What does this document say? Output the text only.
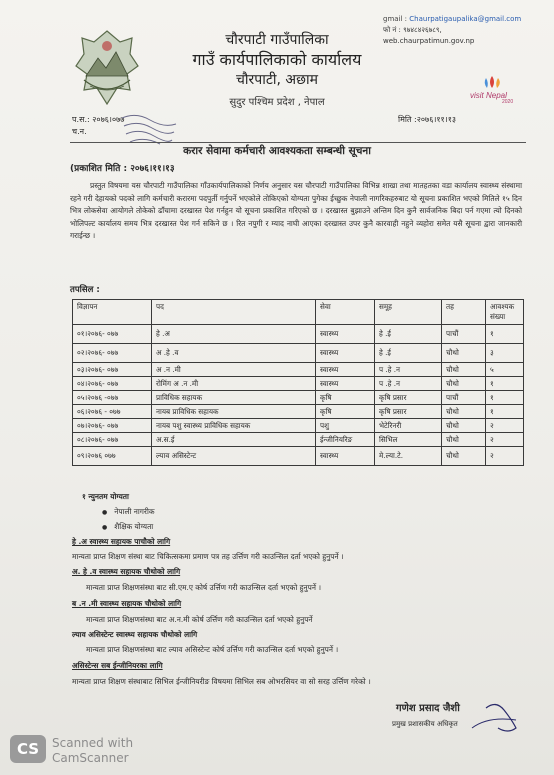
gmail : Chaurpatigaupalika@gmail.com
फो नं : ९७४८४२६७८९,
web.chaurpatimun.gov.np
चौरपाटी गाउँपालिका
गाउँ कार्यपालिकाको कार्यालय
चौरपाटी, अछाम
सुदुर पश्चिम प्रदेश , नेपाल
visit Nepal
2020
प.स.: २०७६।०७७
च.न.
मिति :२०७६।११।१३
करार सेवामा कर्मचारी आवश्यकता सम्बन्धी सूचना
(प्रकाशित मिति : २०७६।११।१३
प्रस्तुत विषयमा यस चौरपाटी गाउँपालिका गाँउकार्यपालिकाको निर्णय अनुसार यस चौरपाटी गाउँपालिका विभिन्न शाखा तथा मातहतका वडा कार्यालय स्वास्थ्य संस्थामा रहने गरी देहायको पदको लागि कर्मचारी करारमा पदपुर्ती गर्नुपर्ने भएकोले तोकिएको योग्यता पुगेका ईच्छुक नेपाली नागरिकहरुबाट यो सूचना प्रकाशित भएको मितिले १५ दिन भित्र लोकसेवा आयोगले तोकेको ढाँचामा दरखास्त पेश गर्नहुन यो सूचना प्रकाशित गरिएको छ । दरखास्त बुझाउने अन्तिम दिन कुनै सार्वजनिक बिदा पर्न गएमा त्यो दिनको भोलिपल्ट कार्यालय समय भित्र दरखास्त पेश गर्न सकिने छ । रित नपुगी र म्याद नाघी आएका दरखास्त उपर कुनै कारवाही नहुने व्यहोरा समेत यसै सूचना द्वारा जानकारी गराईन्छ ।
तपसिल :
विज्ञापन	पद	सेवा	समूह	तह	आवश्यक संख्या
०१।२०७६- ०७७	हे .अ	स्वास्थ्य	हे .ई	पाचौं	१
०२।२०७६- ०७७	अ .हे .व	स्वास्थ्य	हे .ई	चौथो	३
०३।२०७६- ०७७	अ .न .मी	स्वास्थ्य	प .हे .न	चौथो	५
०४।२०७६- ०७७	रोमिंग अ .न .मी	स्वास्थ्य	प .हे .न	चौथो	१
०५।२०७६ -०७७	प्राविधिक सहायक	कृषि	कृषि प्रसार	पाचौं	१
०६।२०७६ - ०७७	नायब प्राविधिक सहायक	कृषि	कृषि प्रसार	चौथो	१
०७।२०७६- ०७७	नायब पशु स्वास्थ्य प्राविधिक सहायक	पशु	भेटेरिनरी	चौथो	२
०८।२०७६- ०७७	अ.स.ई	ईन्जीनियरिङ	सिभिल	चौथो	२
०९।२०७६ ०७७	ल्याव असिस्टेन्ट	स्वास्थ्य	मे.ल्या.टे.	चौथो	२
१ न्युनतम योग्यता
● नेपाली नागरीक
● शैक्षिक योग्यता
हे .अ स्वास्थ्य सहायक पाचौको लागि
मान्यता प्राप्त शिक्षण संस्था बाट चिकित्सकमा प्रमाण पत्र तह उर्त्तिण गरी काउन्सिल दर्ता भएको हुनुपर्ने ।
अ. हे .व स्वास्थ्य सहायक चौथोको लागि
मान्यता प्राप्त शिक्षणसंस्था बाट सी.एम.ए कोर्ष उर्त्तिण गरी काउन्सिल दर्ता भएको हुनुपर्ने ।
ब .न .मी स्वास्थ्य सहायक चौथोको लागि
मान्यता प्राप्त शिक्षणसंस्था बाट अ.न.मी कोर्ष उर्त्तिण गरी काउन्सिल दर्ता भएको हुनुपर्ने
ल्याव असिस्टेन्ट स्वास्थ्य सहायक चौथोको लागि
मान्यता प्राप्त शिक्षणसंस्था बाट ल्याव असिस्टेन्ट कोर्ष उर्त्तिण गरी काउन्सिल दर्ता भएको हुनुपर्ने ।
असिस्टेन्स सब ईन्जीनियरका लागि
मान्यता प्राप्त शिक्षण संस्थाबाट सिभिल ईन्जीनियरीङ विषयमा सिभिल सब ओभरसियर वा सो सरह उर्त्तिण गरेको ।
गणेश प्रसाद जैशी
प्रमुख प्रशासकीय अधिकृत
CS	Scanned with
CamScanner
